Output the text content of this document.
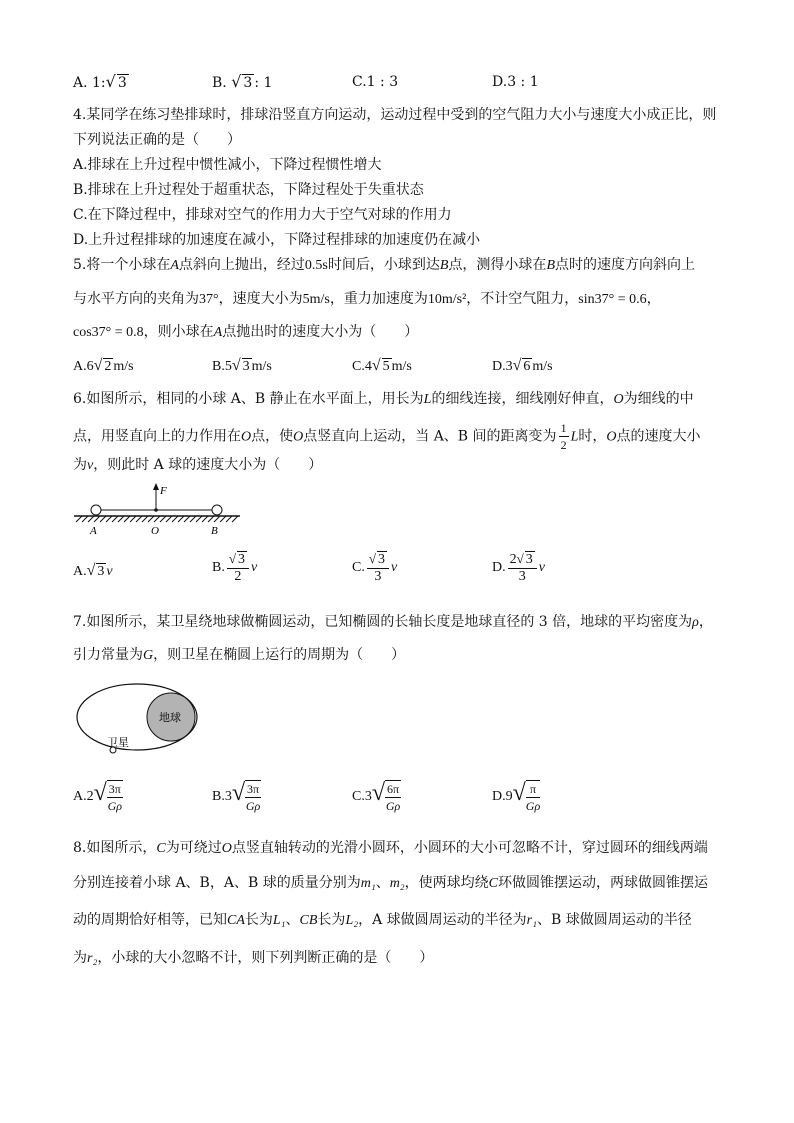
A. 1:√ 3	B. √ 3 : 1	C.1 : 3	D.3 : 1
4.某同学在练习垫排球时，排球沿竖直方向运动，运动过程中受到的空气阻力大小与速度大小成正比，则
下列说法正确的是（　　）
A.排球在上升过程中惯性减小，下降过程惯性增大
B.排球在上升过程处于超重状态，下降过程处于失重状态
C.在下降过程中，排球对空气的作用力大于空气对球的作用力
D.上升过程排球的加速度在减小，下降过程排球的加速度仍在减小
5.将一个小球在A点斜向上抛出，经过0.5s时间后，小球到达B点，测得小球在B点时的速度方向斜向上
与水平方向的夹角为37°，速度大小为5m/s，重力加速度为10m/s²，不计空气阻力，sin37° = 0.6，
cos37° = 0.8，则小球在A点抛出时的速度大小为（　　）
A.6√ 2 m/s	B.5√ 3 m/s	C.4√ 5 m/s	D.3√ 6 m/s
6.如图所示，相同的小球 A、B 静止在水平面上，用长为L的细线连接，细线刚好伸直，O为细线的中
点，用竖直向上的力作用在O点，使O点竖直向上运动，当 A、B 间的距离变为 $\frac{1}{2}$ L时，O点的速度大小
为v，则此时 A 球的速度大小为（　　）
F
A	O	B
A.√ 3 v	B. $\frac{√ 3}{2}$ v	C. $\frac{√ 3}{3}$ v	D. $\frac{2√ 3}{3}$ v
7.如图所示，某卫星绕地球做椭圆运动，已知椭圆的长轴长度是地球直径的 3 倍，地球的平均密度为ρ，
引力常量为G，则卫星在椭圆上运行的周期为（　　）
地球
卫星
$A.2√ \frac{3\pi}{G\rho}$	$B.3√ \frac{3\pi}{G\rho}$	$C.3√ \frac{6\pi}{G\rho}$	$D.9√ \frac{\pi}{G\rho}$
8.如图所示，C为可绕过O点竖直轴转动的光滑小圆环，小圆环的大小可忽略不计，穿过圆环的细线两端
分别连接着小球 A、B，A、B 球的质量分别为m₁、m₂，使两球均绕C环做圆锥摆运动，两球做圆锥摆运
动的周期恰好相等，已知CA长为L₁、CB长为L₂，A 球做圆周运动的半径为r₁、B 球做圆周运动的半径
为r₂，小球的大小忽略不计，则下列判断正确的是（　　）
